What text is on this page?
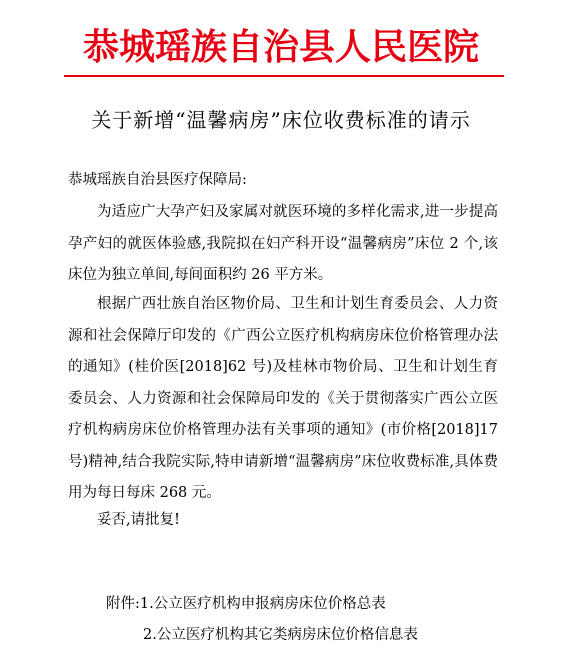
恭城瑶族自治县人民医院
关于新增“温馨病房”床位收费标准的请示
恭城瑶族自治县医疗保障局:

为适应广大孕产妇及家属对就医环境的多样化需求,进一步提高孕产妇的就医体验感,我院拟在妇产科开设“温馨病房”床位 2 个,该床位为独立单间,每间面积约 26 平方米。

根据广西壮族自治区物价局、卫生和计划生育委员会、人力资源和社会保障厅印发的《广西公立医疗机构病房床位价格管理办法的通知》(桂价医[2018]62 号)及桂林市物价局、卫生和计划生育委员会、人力资源和社会保障局印发的《关于贯彻落实广西公立医疗机构病房床位价格管理办法有关事项的通知》(市价格[2018]17 号)精神,结合我院实际,特申请新增“温馨病房”床位收费标准,具体费用为每日每床 268 元。

妥否,请批复!

附件:1.公立医疗机构申报病房床位价格总表
2.公立医疗机构其它类病房床位价格信息表
